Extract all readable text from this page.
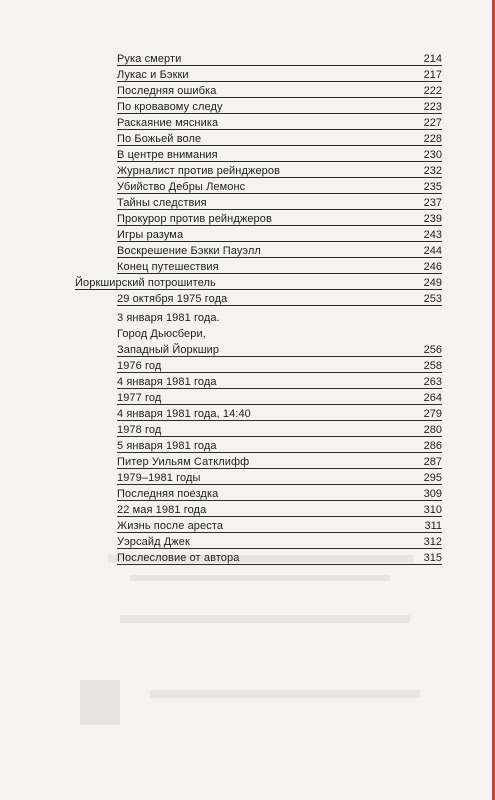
Рука смерти	214
Лукас и Бэкки	217
Последняя ошибка	222
По кровавому следу	223
Раскаяние мясника	227
По Божьей воле	228
В центре внимания	230
Журналист против рейнджеров	232
Убийство Дебры Лемонс	235
Тайны следствия	237
Прокурор против рейнджеров	239
Игры разума	243
Воскрешение Бэкки Пауэлл	244
Конец путешествия	246
Йоркширский потрошитель	249
29 октября 1975 года	253
3 января 1981 года.
Город Дьюсбери,
Западный Йоркшир	256
1976 год	258
4 января 1981 года	263
1977 год	264
4 января 1981 года, 14:40	279
1978 год	280
5 января 1981 года	286
Питер Уильям Сатклифф	287
1979–1981 годы	295
Последняя поездка	309
22 мая 1981 года	310
Жизнь после ареста	311
Уэрсайд Джек	312
Послесловие от автора	315
